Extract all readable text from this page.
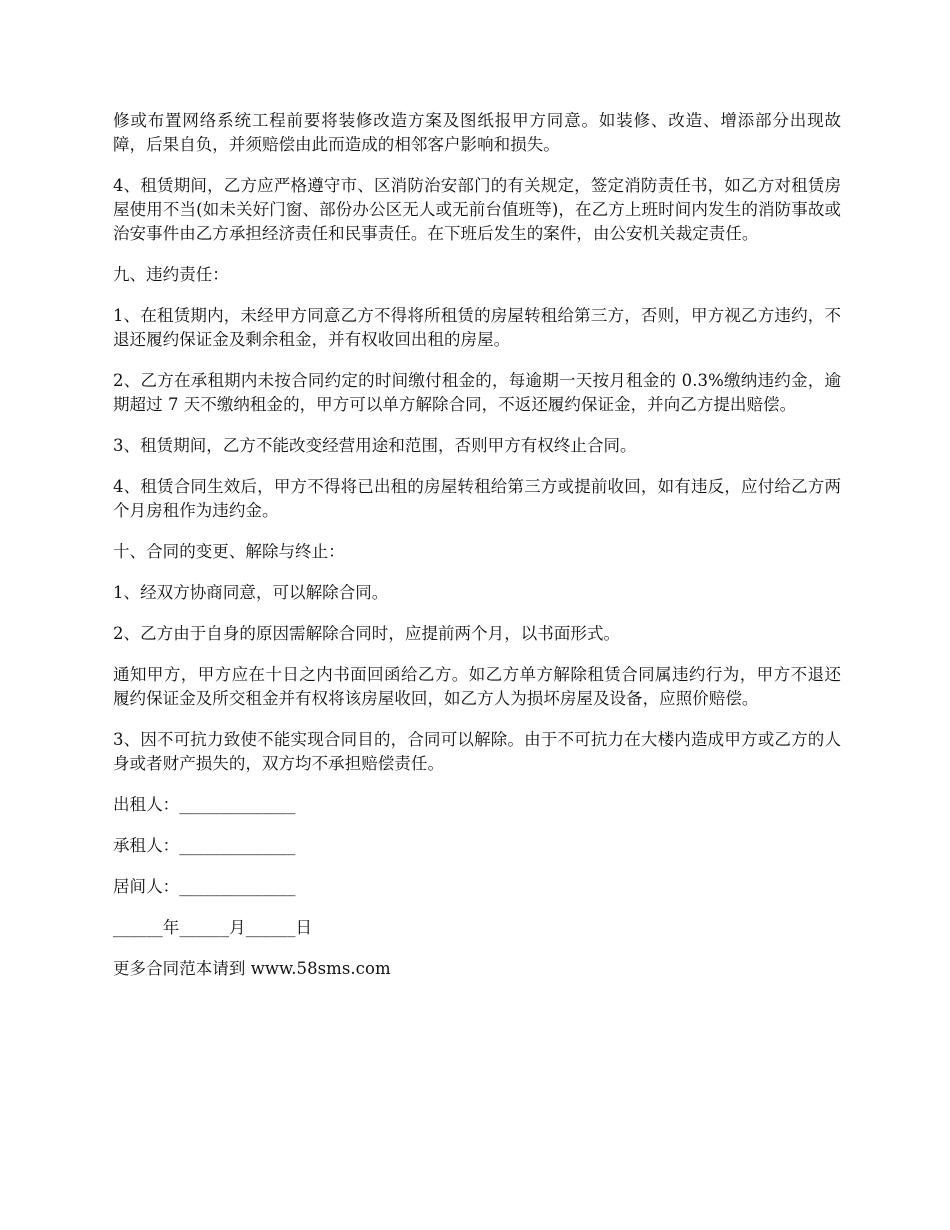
修或布置网络系统工程前要将装修改造方案及图纸报甲方同意。如装修、改造、增添部分出现故障，后果自负，并须赔偿由此而造成的相邻客户影响和损失。

4、租赁期间，乙方应严格遵守市、区消防治安部门的有关规定，签定消防责任书，如乙方对租赁房屋使用不当(如未关好门窗、部份办公区无人或无前台值班等)，在乙方上班时间内发生的消防事故或治安事件由乙方承担经济责任和民事责任。在下班后发生的案件，由公安机关裁定责任。

九、违约责任：

1、在租赁期内，未经甲方同意乙方不得将所租赁的房屋转租给第三方，否则，甲方视乙方违约，不退还履约保证金及剩余租金，并有权收回出租的房屋。

2、乙方在承租期内未按合同约定的时间缴付租金的，每逾期一天按月租金的 0.3%缴纳违约金，逾期超过 7 天不缴纳租金的，甲方可以单方解除合同，不返还履约保证金，并向乙方提出赔偿。

3、租赁期间，乙方不能改变经营用途和范围，否则甲方有权终止合同。

4、租赁合同生效后，甲方不得将已出租的房屋转租给第三方或提前收回，如有违反，应付给乙方两个月房租作为违约金。

十、合同的变更、解除与终止：

1、经双方协商同意，可以解除合同。

2、乙方由于自身的原因需解除合同时，应提前两个月，以书面形式。

通知甲方，甲方应在十日之内书面回函给乙方。如乙方单方解除租赁合同属违约行为，甲方不退还履约保证金及所交租金并有权将该房屋收回，如乙方人为损坏房屋及设备，应照价赔偿。

3、因不可抗力致使不能实现合同目的，合同可以解除。由于不可抗力在大楼内造成甲方或乙方的人身或者财产损失的，双方均不承担赔偿责任。

出租人：______________

承租人：______________

居间人：______________

______年______月______日

更多合同范本请到 www.58sms.com
